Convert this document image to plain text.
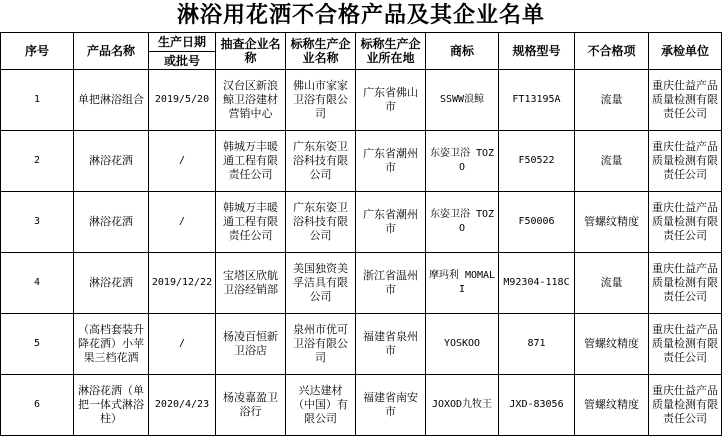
淋浴用花洒不合格产品及其企业名单
序号	产品名称	生产日期	抽查企业名称	标称生产企业名称	标称生产企业所在地	商标	规格型号	不合格项	承检单位
		或批号							
1	单把淋浴组合	2019/5/20	汉台区新浪鲸卫浴建材营销中心	佛山市家家卫浴有限公司	广东省佛山市	SSWW浪鲸	FT13195A	流量	重庆仕益产品质量检测有限责任公司
2	淋浴花洒	/	韩城万丰暖通工程有限责任公司	广东东姿卫浴科技有限公司	广东省潮州市	东姿卫浴 TOZO	F50522	流量	重庆仕益产品质量检测有限责任公司
3	淋浴花洒	/	韩城万丰暖通工程有限责任公司	广东东姿卫浴科技有限公司	广东省潮州市	东姿卫浴 TOZO	F50006	管螺纹精度	重庆仕益产品质量检测有限责任公司
4	淋浴花洒	2019/12/22	宝塔区欣航卫浴经销部	美国独资美孚洁具有限公司	浙江省温州市	摩玛利 MOMALI	M92304-118C	流量	重庆仕益产品质量检测有限责任公司
5	（高档套装升降花洒）小苹果三档花洒	/	杨凌百恒新卫浴店	泉州市优可卫浴有限公司	福建省泉州市	YOSKOO	871	管螺纹精度	重庆仕益产品质量检测有限责任公司
6	淋浴花洒（单把一体式淋浴柱）	2020/4/23	杨凌嘉盈卫浴行	兴达建材（中国）有限公司	福建省南安市	JOXOD九牧王	JXD-83056	管螺纹精度	重庆仕益产品质量检测有限责任公司
